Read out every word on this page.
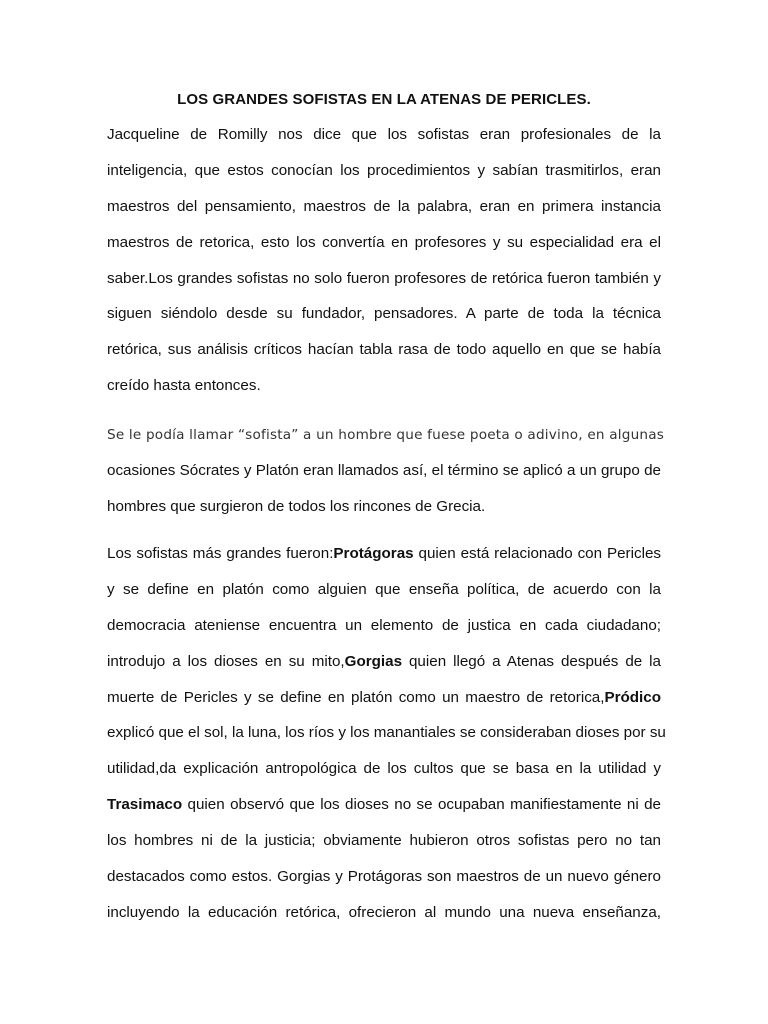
LOS GRANDES SOFISTAS EN LA ATENAS DE PERICLES.
Jacqueline de Romilly nos dice que los sofistas eran profesionales de la
inteligencia, que estos conocían los procedimientos y sabían trasmitirlos, eran
maestros del pensamiento, maestros de la palabra, eran en primera instancia
maestros de retorica, esto los convertía en profesores y su especialidad era el
saber.Los grandes sofistas no solo fueron profesores de retórica fueron también y
siguen siéndolo desde su fundador, pensadores. A parte de toda la técnica
retórica, sus análisis críticos hacían tabla rasa de todo aquello en que se había
creído hasta entonces.
Se le podía llamar “sofista” a un hombre que fuese poeta o adivino, en algunas
ocasiones Sócrates y Platón eran llamados así, el término se aplicó a un grupo de
hombres que surgieron de todos los rincones de Grecia.
Los sofistas más grandes fueron:Protágoras quien está relacionado con Pericles
y se define en platón como alguien que enseña política, de acuerdo con la
democracia ateniense encuentra un elemento de justica en cada ciudadano;
introdujo a los dioses en su mito,Gorgias quien llegó a Atenas después de la
muerte de Pericles y se define en platón como un maestro de retorica,Pródico
explicó que el sol, la luna, los ríos y los manantiales se consideraban dioses por su
utilidad,da explicación antropológica de los cultos que se basa en la utilidad y
Trasimaco quien observó que los dioses no se ocupaban manifiestamente ni de
los hombres ni de la justicia; obviamente hubieron otros sofistas pero no tan
destacados como estos. Gorgias y Protágoras son maestros de un nuevo género
incluyendo la educación retórica, ofrecieron al mundo una nueva enseñanza,
